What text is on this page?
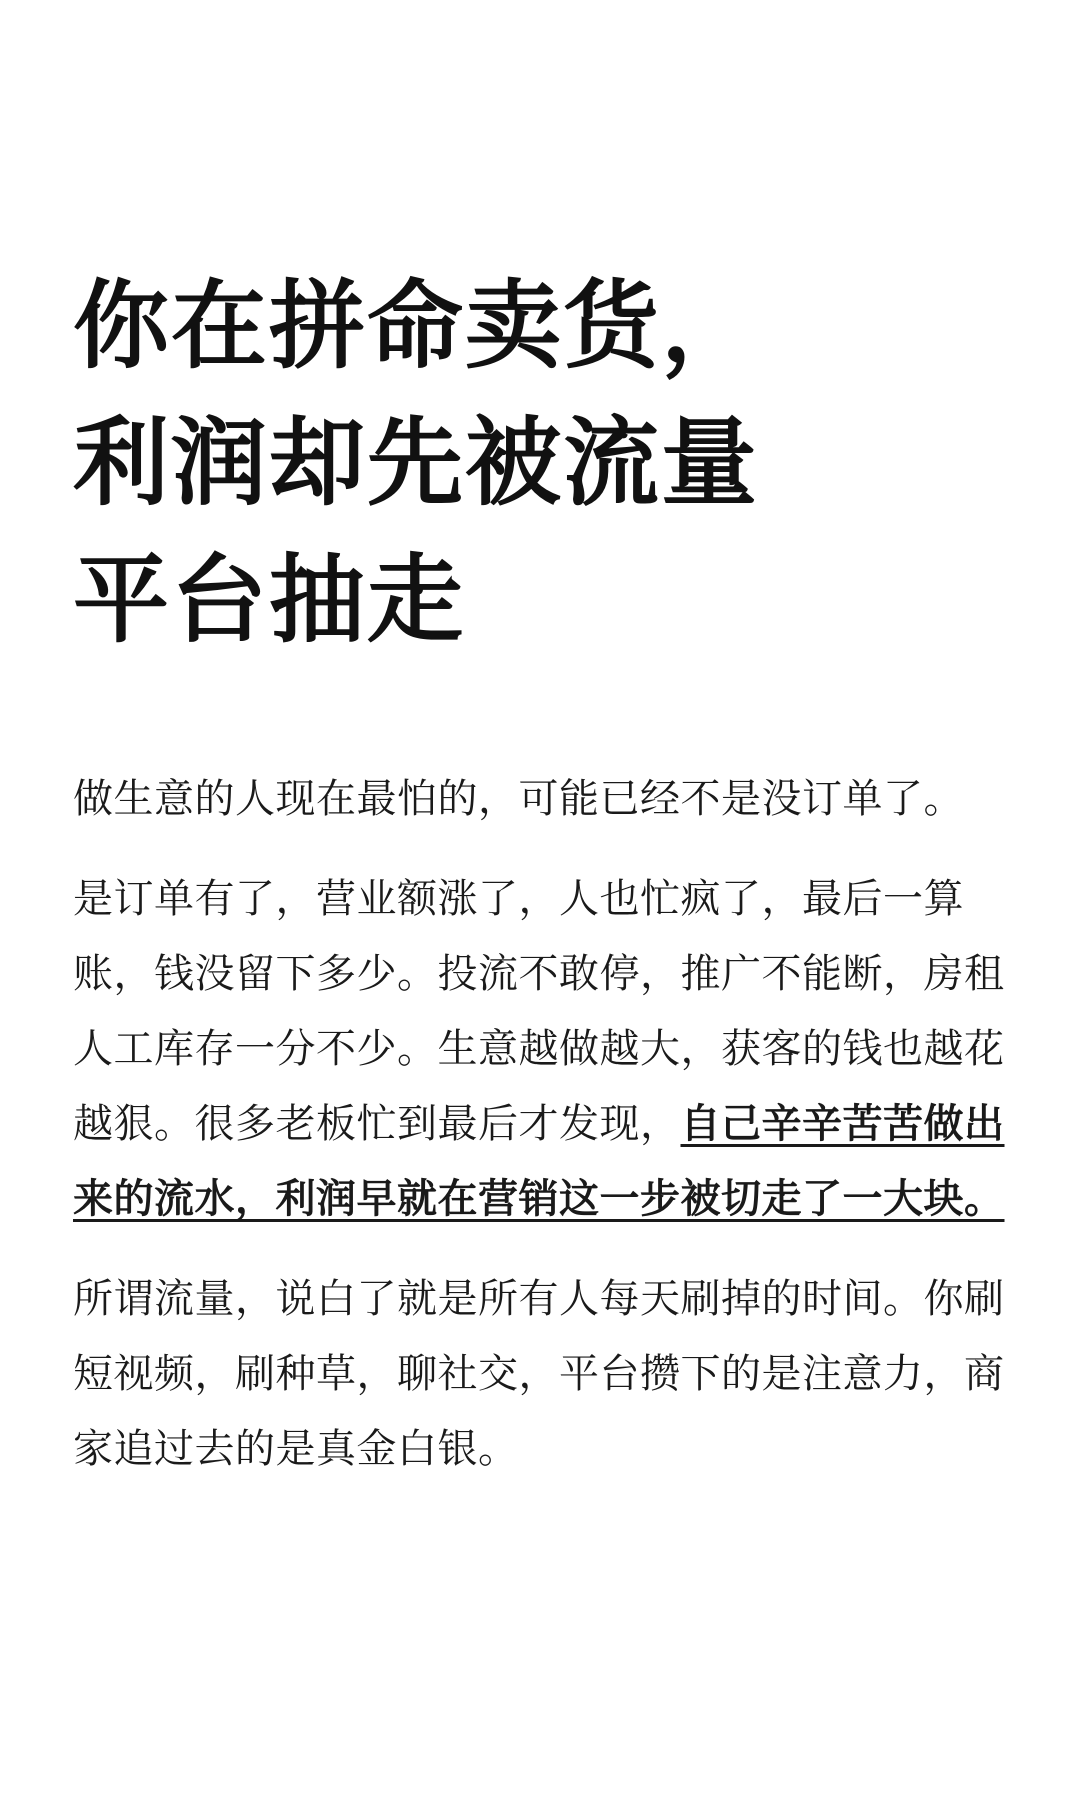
你在拼命卖货，
利润却先被流量
平台抽走

做生意的人现在最怕的，可能已经不是没订单了。

是订单有了，营业额涨了，人也忙疯了，最后一算账，钱没留下多少。投流不敢停，推广不能断，房租人工库存一分不少。生意越做越大，获客的钱也越花越狠。很多老板忙到最后才发现，自己辛辛苦苦做出来的流水，利润早就在营销这一步被切走了一大块。

所谓流量，说白了就是所有人每天刷掉的时间。你刷短视频，刷种草，聊社交，平台攒下的是注意力，商家追过去的是真金白银。
